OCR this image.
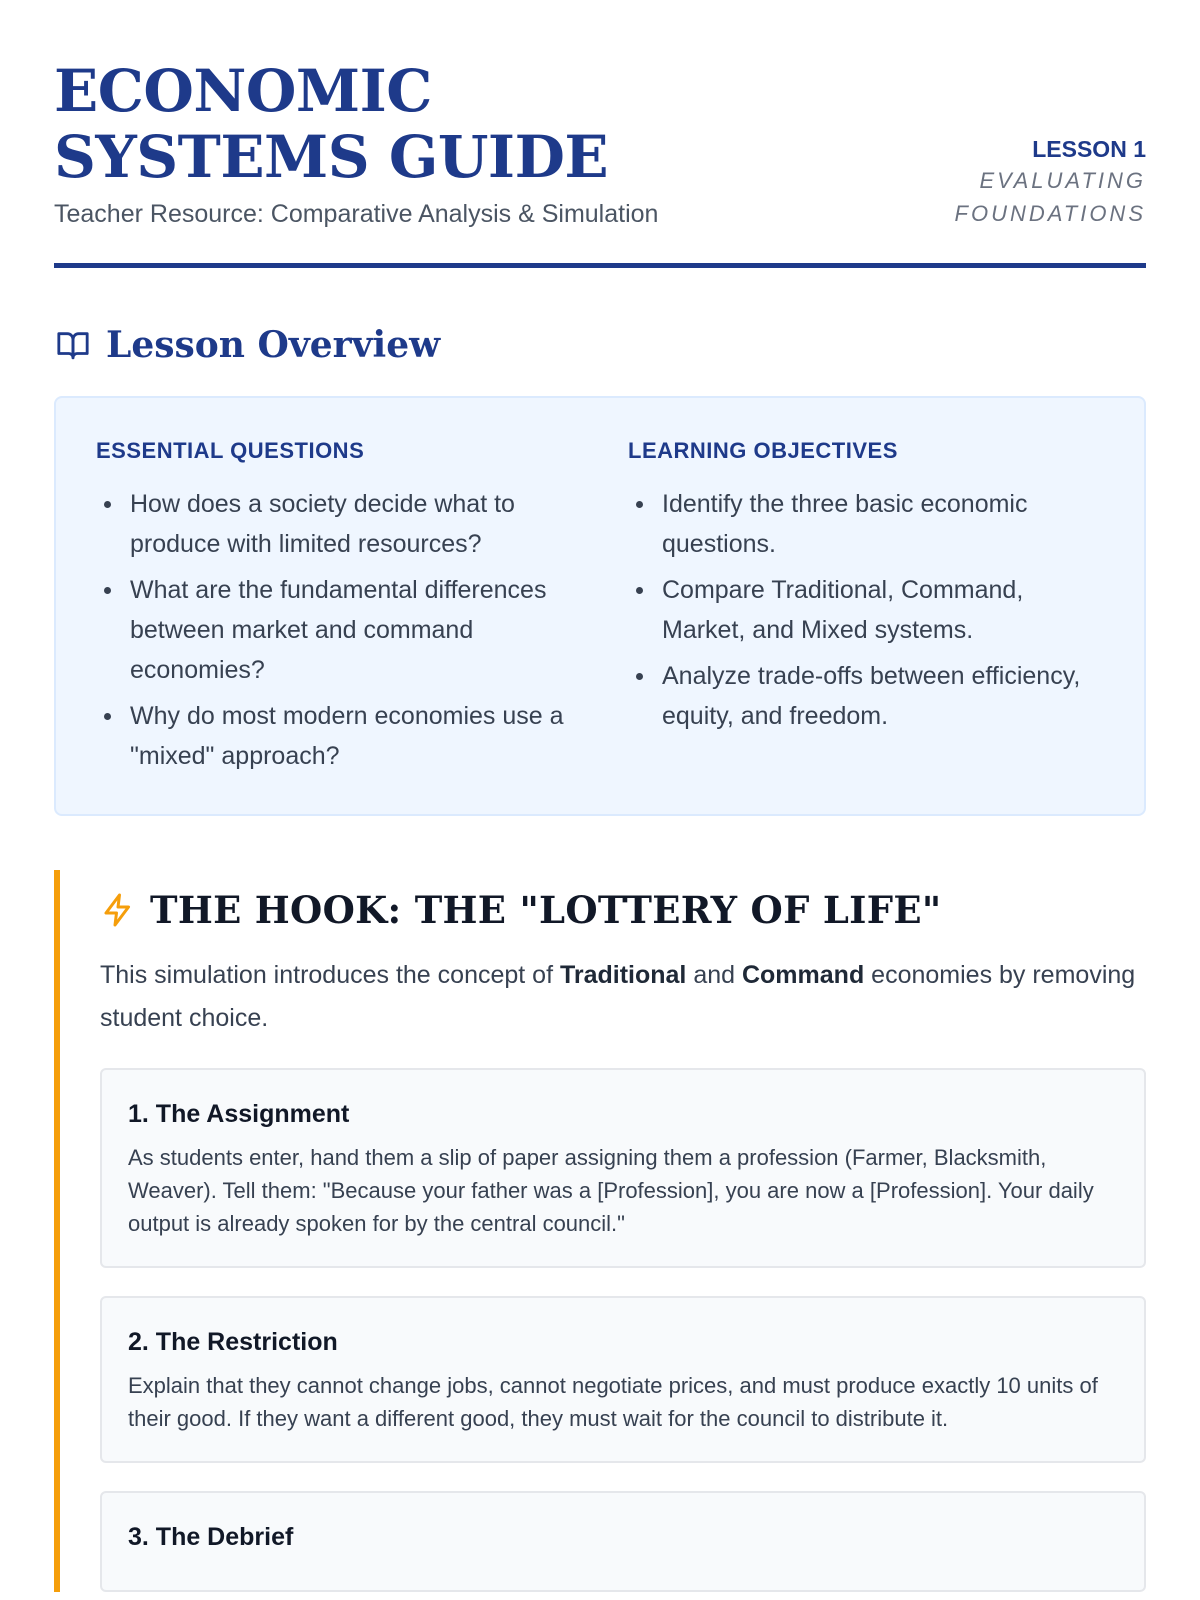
ECONOMIC SYSTEMS GUIDE
Teacher Resource: Comparative Analysis & Simulation
LESSON 1
EVALUATING FOUNDATIONS
Lesson Overview
ESSENTIAL QUESTIONS
How does a society decide what to produce with limited resources?
What are the fundamental differences between market and command economies?
Why do most modern economies use a "mixed" approach?
LEARNING OBJECTIVES
Identify the three basic economic questions.
Compare Traditional, Command, Market, and Mixed systems.
Analyze trade-offs between efficiency, equity, and freedom.
THE HOOK: THE "LOTTERY OF LIFE"

This simulation introduces the concept of Traditional and Command economies by removing student choice.

1. The Assignment
As students enter, hand them a slip of paper assigning them a profession (Farmer, Blacksmith, Weaver). Tell them: "Because your father was a [Profession], you are now a [Profession]. Your daily output is already spoken for by the central council."
2. The Restriction
Explain that they cannot change jobs, cannot negotiate prices, and must produce exactly 10 units of their good. If they want a different good, they must wait for the council to distribute it.
3. The Debrief
